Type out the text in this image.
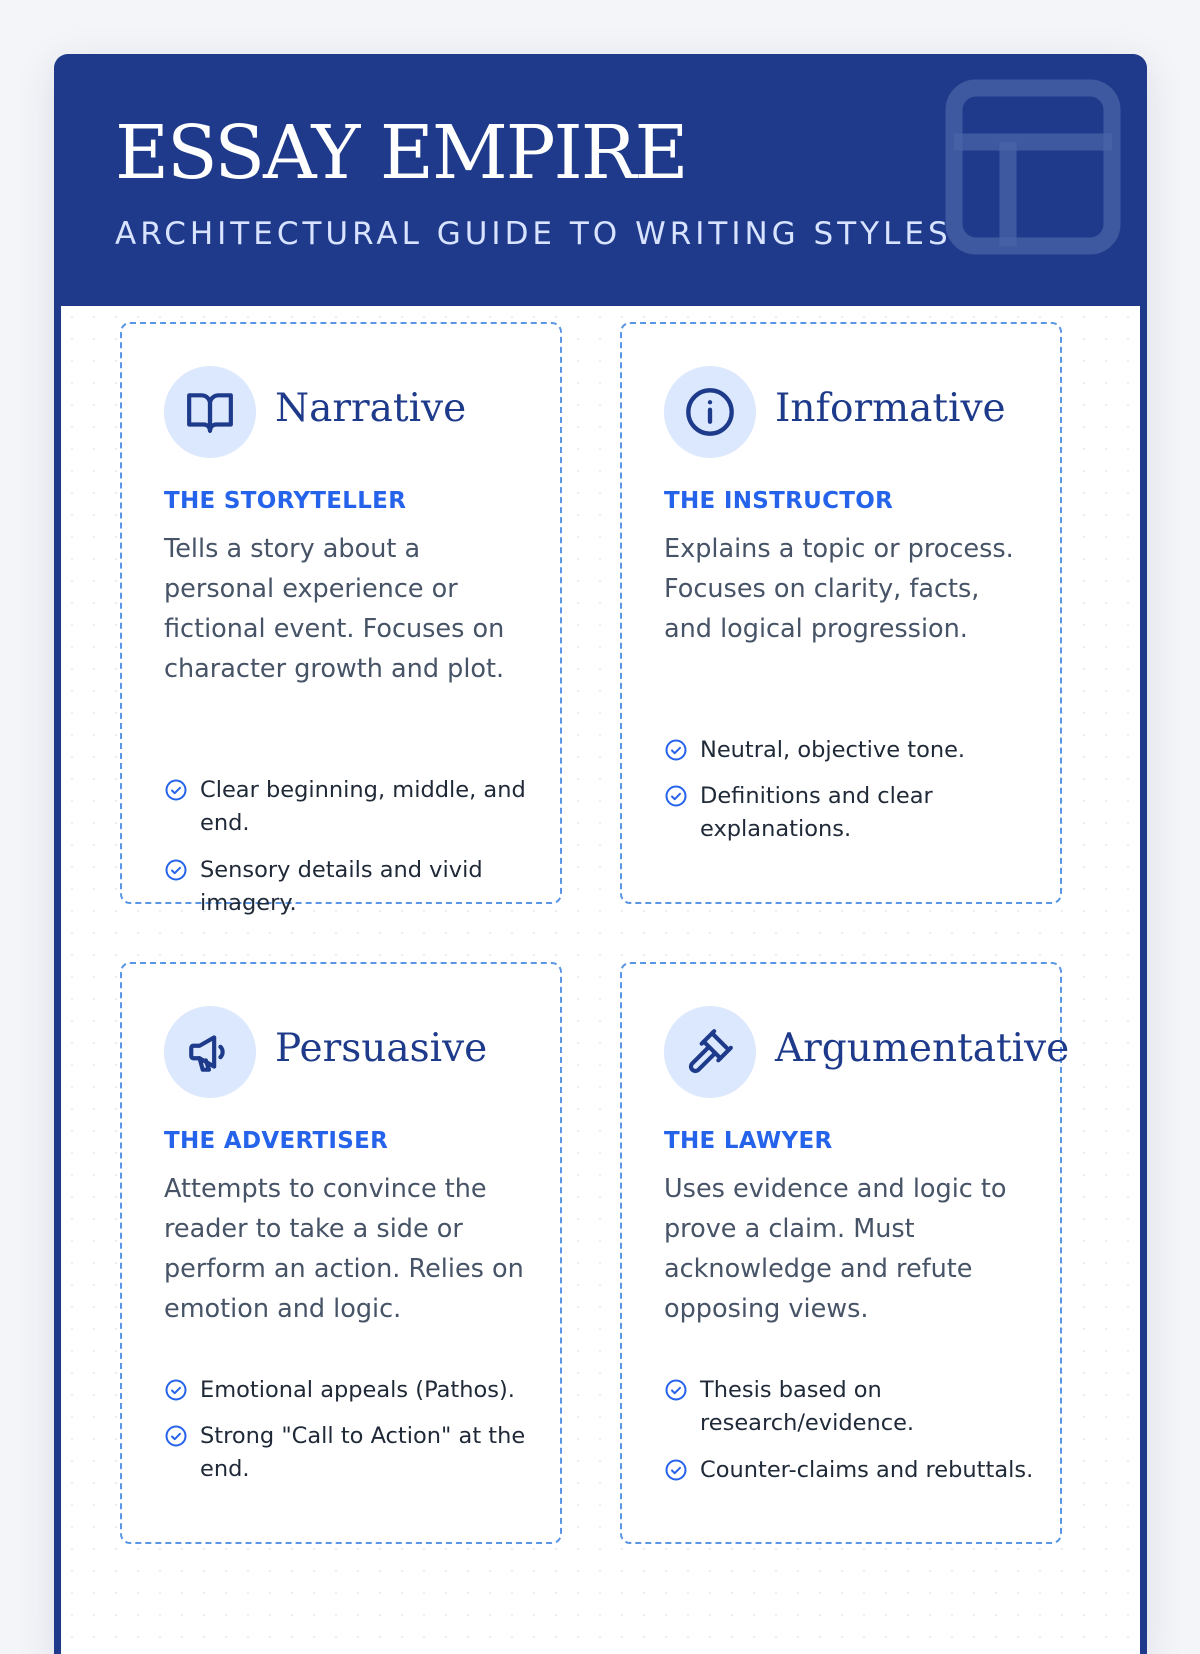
ESSAY EMPIRE
ARCHITECTURAL GUIDE TO WRITING STYLES
Narrative
THE STORYTELLER
Tells a story about a personal experience or fictional event. Focuses on character growth and plot.
Clear beginning, middle, and end.
Sensory details and vivid imagery.
Informative
THE INSTRUCTOR
Explains a topic or process. Focuses on clarity, facts, and logical progression.
Neutral, objective tone.
Definitions and clear explanations.
Persuasive
THE ADVERTISER
Attempts to convince the reader to take a side or perform an action. Relies on emotion and logic.
Emotional appeals (Pathos).
Strong "Call to Action" at the end.
Argumentative
THE LAWYER
Uses evidence and logic to prove a claim. Must acknowledge and refute opposing views.
Thesis based on research/evidence.
Counter-claims and rebuttals.
